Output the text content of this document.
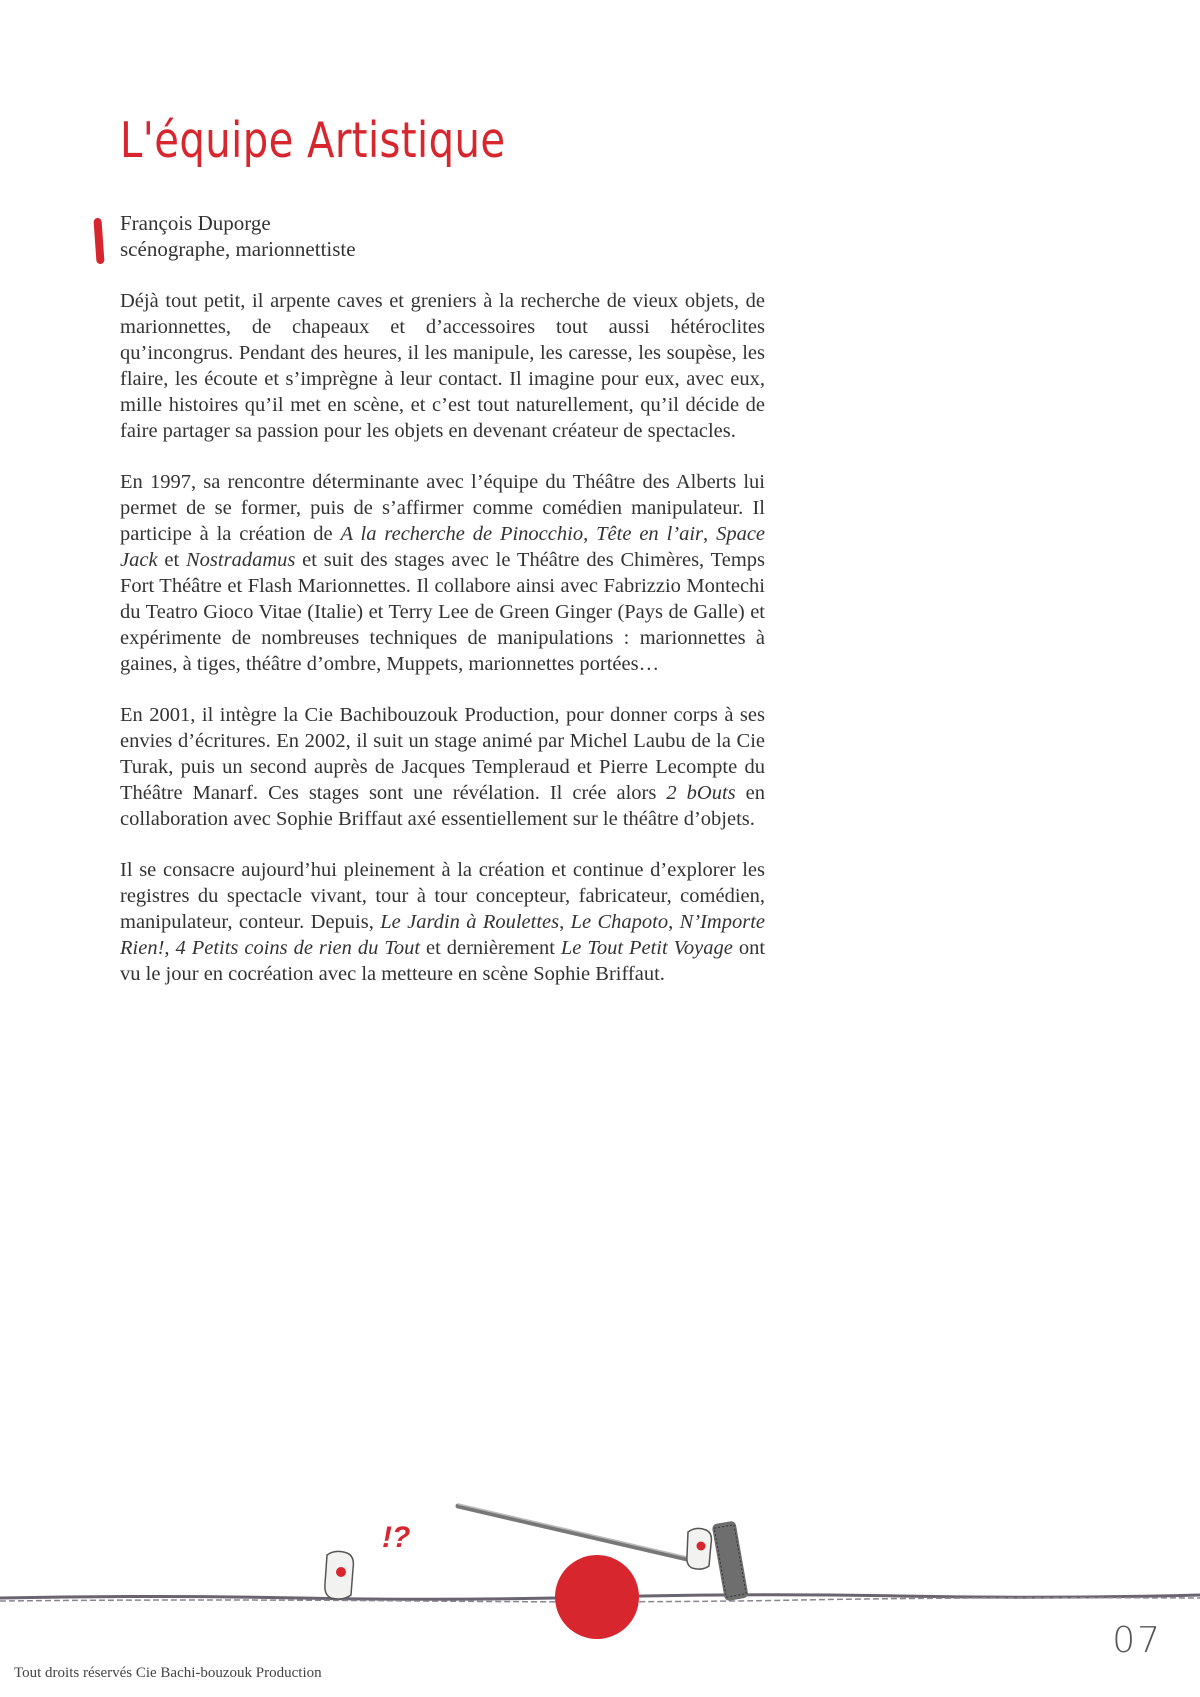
L'équipe Artistique
François Duporge
scénographe, marionnettiste

Déjà tout petit, il arpente caves et greniers à la recherche de vieux objets, de marionnettes, de chapeaux et d’accessoires tout aussi hétéroclites qu’incongrus. Pendant des heures, il les manipule, les caresse, les soupèse, les flaire, les écoute et s’imprègne à leur contact. Il imagine pour eux, avec eux, mille histoires qu’il met en scène, et c’est tout naturellement, qu’il décide de faire partager sa passion pour les objets en devenant créateur de spectacles.

En 1997, sa rencontre déterminante avec l’équipe du Théâtre des Alberts lui permet de se former, puis de s’affirmer comme comédien manipulateur. Il participe à la création de A la recherche de Pinocchio, Tête en l’air, Space Jack et Nostradamus et suit des stages avec le Théâtre des Chimères, Temps Fort Théâtre et Flash Marionnettes. Il collabore ainsi avec Fabrizzio Montechi du Teatro Gioco Vitae (Italie) et Terry Lee de Green Ginger (Pays de Galle) et expérimente de nombreuses techniques de manipulations : marionnettes à gaines, à tiges, théâtre d’ombre, Muppets, marionnettes portées…

En 2001, il intègre la Cie Bachibouzouk Production, pour donner corps à ses envies d’écritures. En 2002, il suit un stage animé par Michel Laubu de la Cie Turak, puis un second auprès de Jacques Templeraud et Pierre Lecompte du Théâtre Manarf. Ces stages sont une révélation. Il crée alors 2 bOuts en collaboration avec Sophie Briffaut axé essentiellement sur le théâtre d’objets.

Il se consacre aujourd’hui pleinement à la création et continue d’explorer les registres du spectacle vivant, tour à tour concepteur, fabricateur, comédien, manipulateur, conteur. Depuis, Le Jardin à Roulettes, Le Chapoto, N’Importe Rien!, 4 Petits coins de rien du Tout et dernièrement Le Tout Petit Voyage ont vu le jour en cocréation avec la metteure en scène Sophie Briffaut.

!?
07
Tout droits réservés Cie Bachi-bouzouk Production
